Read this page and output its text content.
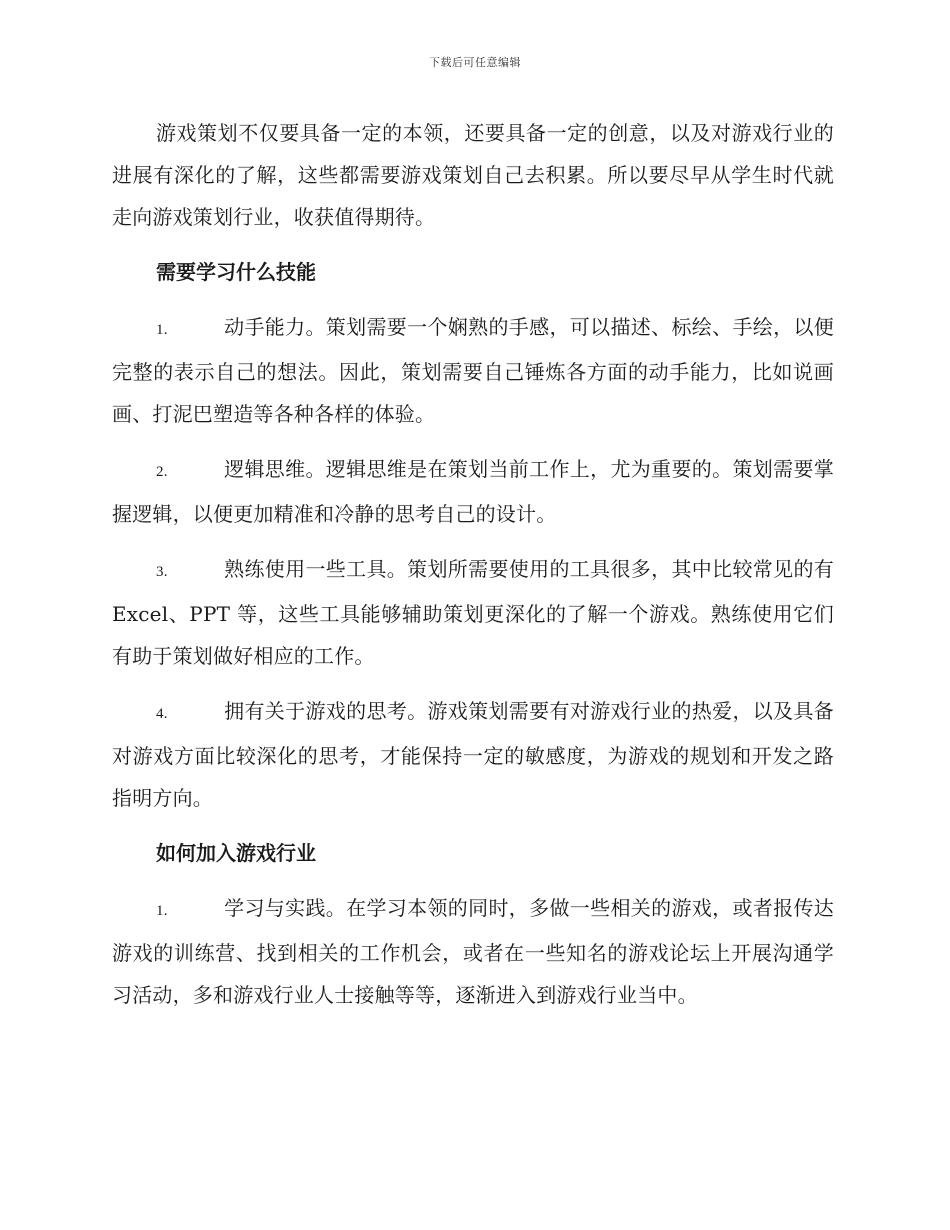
下载后可任意编辑

游戏策划不仅要具备一定的本领，还要具备一定的创意，以及对游戏行业的进展有深化的了解，这些都需要游戏策划自己去积累。所以要尽早从学生时代就走向游戏策划行业，收获值得期待。

需要学习什么技能

1.	动手能力。策划需要一个娴熟的手感，可以描述、标绘、手绘，以便完整的表示自己的想法。因此，策划需要自己锤炼各方面的动手能力，比如说画画、打泥巴塑造等各种各样的体验。

2.	逻辑思维。逻辑思维是在策划当前工作上，尤为重要的。策划需要掌握逻辑，以便更加精准和冷静的思考自己的设计。

3.	熟练使用一些工具。策划所需要使用的工具很多，其中比较常见的有 Excel、PPT 等，这些工具能够辅助策划更深化的了解一个游戏。熟练使用它们有助于策划做好相应的工作。

4.	拥有关于游戏的思考。游戏策划需要有对游戏行业的热爱，以及具备对游戏方面比较深化的思考，才能保持一定的敏感度，为游戏的规划和开发之路指明方向。

如何加入游戏行业

1.	学习与实践。在学习本领的同时，多做一些相关的游戏，或者报传达游戏的训练营、找到相关的工作机会，或者在一些知名的游戏论坛上开展沟通学习活动，多和游戏行业人士接触等等，逐渐进入到游戏行业当中。
